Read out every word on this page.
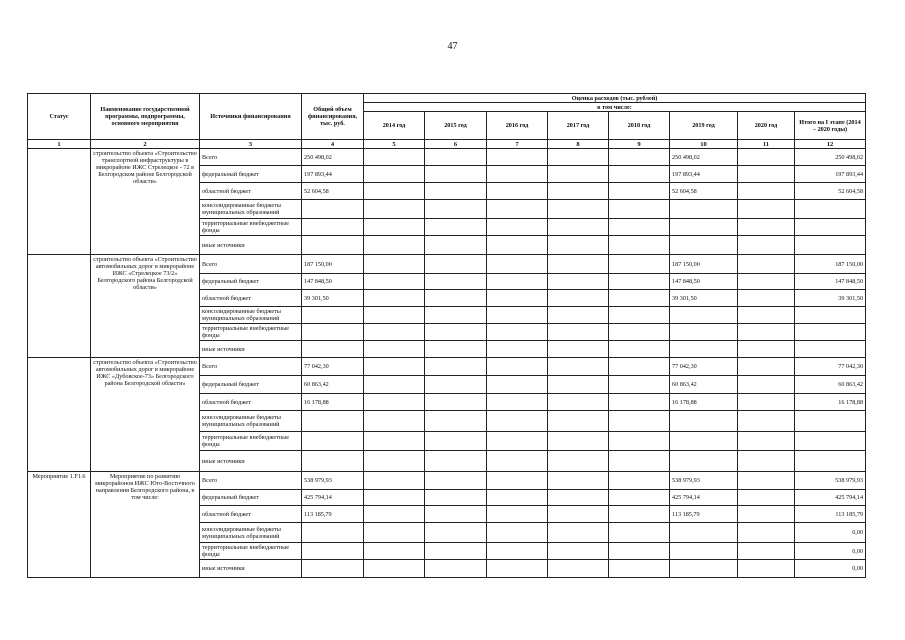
47
Статус	Наименование государственной программы, подпрограммы, основного мероприятия	Источники финансирования	Общий объем финансирования, тыс. руб.	Оценка расходов (тыс. рублей)							
				в том числе:							
				2014 год	2015 год	2016 год	2017 год	2018 год	2019 год	2020 год	Итого на I этапе (2014 – 2020 годы)
1	2	3	4	5	6	7	8	9	10	11	12
	строительство объекта «Строительство транспортной инфраструктуры в микрорайоне ИЖС Стрелецкое - 72 в Белгородском районе Белгородской области»	Всего	250 498,02						250 498,02		250 498,02
		федеральный бюджет	197 893,44						197 893,44		197 893,44
		областной бюджет	52 604,58						52 604,58		52 604,58
		консолидированные бюджеты муниципальных образований									
		территориальные внебюджетные фонды									
		иные источники									
	строительство объекта «Строительство автомобильных дорог в микрорайоне ИЖС «Стрелецкое 73/2» Белгородского района Белгородской области»	Всего	187 150,00						187 150,00		187 150,00
		федеральный бюджет	147 848,50						147 848,50		147 848,50
		областной бюджет	39 301,50						39 301,50		39 301,50
		консолидированные бюджеты муниципальных образований									
		территориальные внебюджетные фонды									
		иные источники									
	строительство объекта «Строительство автомобильных дорог в микрорайоне ИЖС «Дубовское-73» Белгородского района Белгородской области»	Всего	77 042,30						77 042,30		77 042,30
		федеральный бюджет	60 863,42						60 863,42		60 863,42
		областной бюджет	16 178,88						16 178,88		16 178,88
		консолидированные бюджеты муниципальных образований									
		территориальные внебюджетные фонды									
		иные источники									
Мероприятие 1.F1.6	Мероприятие по развитию микрорайонов ИЖС Юго-Восточного направления Белгородского района, в том числе:	Всего	538 979,93						538 979,93		538 979,93
		федеральный бюджет	425 794,14						425 794,14		425 794,14
		областной бюджет	113 185,79						113 185,79		113 185,79
		консолидированные бюджеты муниципальных образований									0,00
		территориальные внебюджетные фонды									0,00
		иные источники									0,00
